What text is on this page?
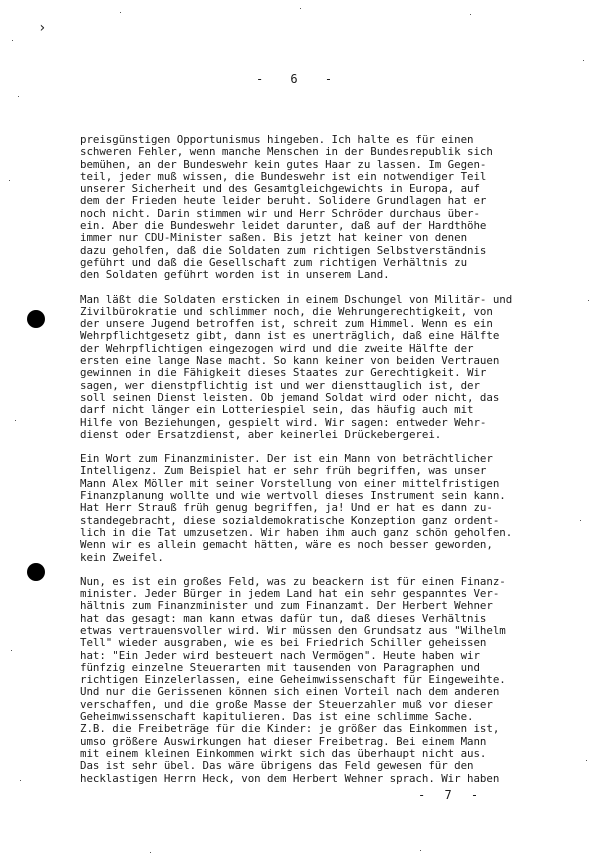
›
- 6 -
preisgünstigen Opportunismus hingeben. Ich halte es für einen
schweren Fehler, wenn manche Menschen in der Bundesrepublik sich
bemühen, an der Bundeswehr kein gutes Haar zu lassen. Im Gegen-
teil, jeder muß wissen, die Bundeswehr ist ein notwendiger Teil
unserer Sicherheit und des Gesamtgleichgewichts in Europa, auf
dem der Frieden heute leider beruht. Solidere Grundlagen hat er
noch nicht. Darin stimmen wir und Herr Schröder durchaus über-
ein. Aber die Bundeswehr leidet darunter, daß auf der Hardthöhe
immer nur CDU-Minister saßen. Bis jetzt hat keiner von denen
dazu geholfen, daß die Soldaten zum richtigen Selbstverständnis
geführt und daß die Gesellschaft zum richtigen Verhältnis zu
den Soldaten geführt worden ist in unserem Land.
Man läßt die Soldaten ersticken in einem Dschungel von Militär- und
Zivilbürokratie und schlimmer noch, die Wehrungerechtigkeit, von
der unsere Jugend betroffen ist, schreit zum Himmel. Wenn es ein
Wehrpflichtgesetz gibt, dann ist es unerträglich, daß eine Hälfte
der Wehrpflichtigen eingezogen wird und die zweite Hälfte der
ersten eine lange Nase macht. So kann keiner von beiden Vertrauen
gewinnen in die Fähigkeit dieses Staates zur Gerechtigkeit. Wir
sagen, wer dienstpflichtig ist und wer diensttauglich ist, der
soll seinen Dienst leisten. Ob jemand Soldat wird oder nicht, das
darf nicht länger ein Lotteriespiel sein, das häufig auch mit
Hilfe von Beziehungen, gespielt wird. Wir sagen: entweder Wehr-
dienst oder Ersatzdienst, aber keinerlei Drückebergerei.
Ein Wort zum Finanzminister. Der ist ein Mann von beträchtlicher
Intelligenz. Zum Beispiel hat er sehr früh begriffen, was unser
Mann Alex Möller mit seiner Vorstellung von einer mittelfristigen
Finanzplanung wollte und wie wertvoll dieses Instrument sein kann.
Hat Herr Strauß früh genug begriffen, ja! Und er hat es dann zu-
standegebracht, diese sozialdemokratische Konzeption ganz ordent-
lich in die Tat umzusetzen. Wir haben ihm auch ganz schön geholfen.
Wenn wir es allein gemacht hätten, wäre es noch besser geworden,
kein Zweifel.
Nun, es ist ein großes Feld, was zu beackern ist für einen Finanz-
minister. Jeder Bürger in jedem Land hat ein sehr gespanntes Ver-
hältnis zum Finanzminister und zum Finanzamt. Der Herbert Wehner
hat das gesagt: man kann etwas dafür tun, daß dieses Verhältnis
etwas vertrauensvoller wird. Wir müssen den Grundsatz aus "Wilhelm
Tell" wieder ausgraben, wie es bei Friedrich Schiller geheissen
hat: "Ein Jeder wird besteuert nach Vermögen". Heute haben wir
fünfzig einzelne Steuerarten mit tausenden von Paragraphen und
richtigen Einzelerlassen, eine Geheimwissenschaft für Eingeweihte.
Und nur die Gerissenen können sich einen Vorteil nach dem anderen
verschaffen, und die große Masse der Steuerzahler muß vor dieser
Geheimwissenschaft kapitulieren. Das ist eine schlimme Sache.
Z.B. die Freibeträge für die Kinder: je größer das Einkommen ist,
umso größere Auswirkungen hat dieser Freibetrag. Bei einem Mann
mit einem kleinen Einkommen wirkt sich das überhaupt nicht aus.
Das ist sehr übel. Das wäre übrigens das Feld gewesen für den
hecklastigen Herrn Heck, von dem Herbert Wehner sprach. Wir haben
- 7 -
